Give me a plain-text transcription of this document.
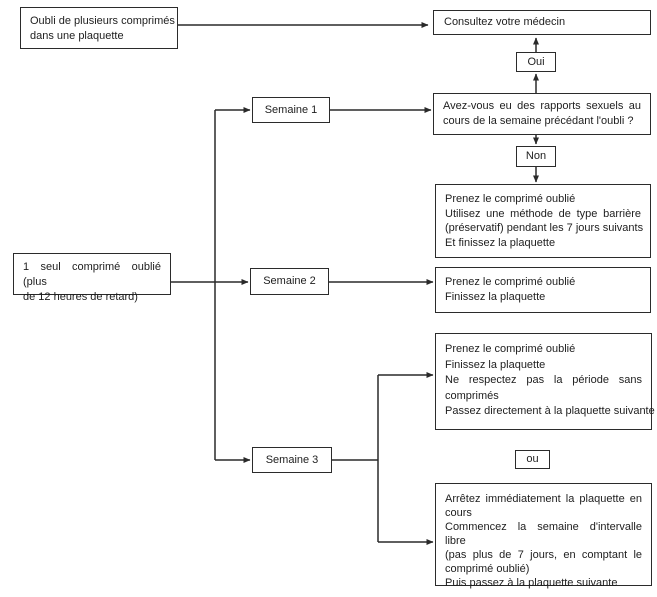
Oubli de plusieurs comprimés
dans une plaquette
Consultez votre médecin
Oui
Avez-vous eu des rapports sexuels au
cours de la semaine précédant l'oubli ?
Non
Prenez le comprimé oublié
Utilisez une méthode de type barrière
(préservatif) pendant les 7 jours suivants
Et finissez la plaquette
1 seul comprimé oublié (plus
de 12 heures de retard)
Semaine 1
Semaine 2
Semaine 3
Prenez le comprimé oublié
Finissez la plaquette
Prenez le comprimé oublié
Finissez la plaquette
Ne respectez pas la période sans
comprimés
Passez directement à la plaquette suivante
ou
Arrêtez immédiatement la plaquette en
cours
Commencez la semaine d'intervalle libre
(pas plus de 7 jours, en comptant le
comprimé oublié)
Puis passez à la plaquette suivante
